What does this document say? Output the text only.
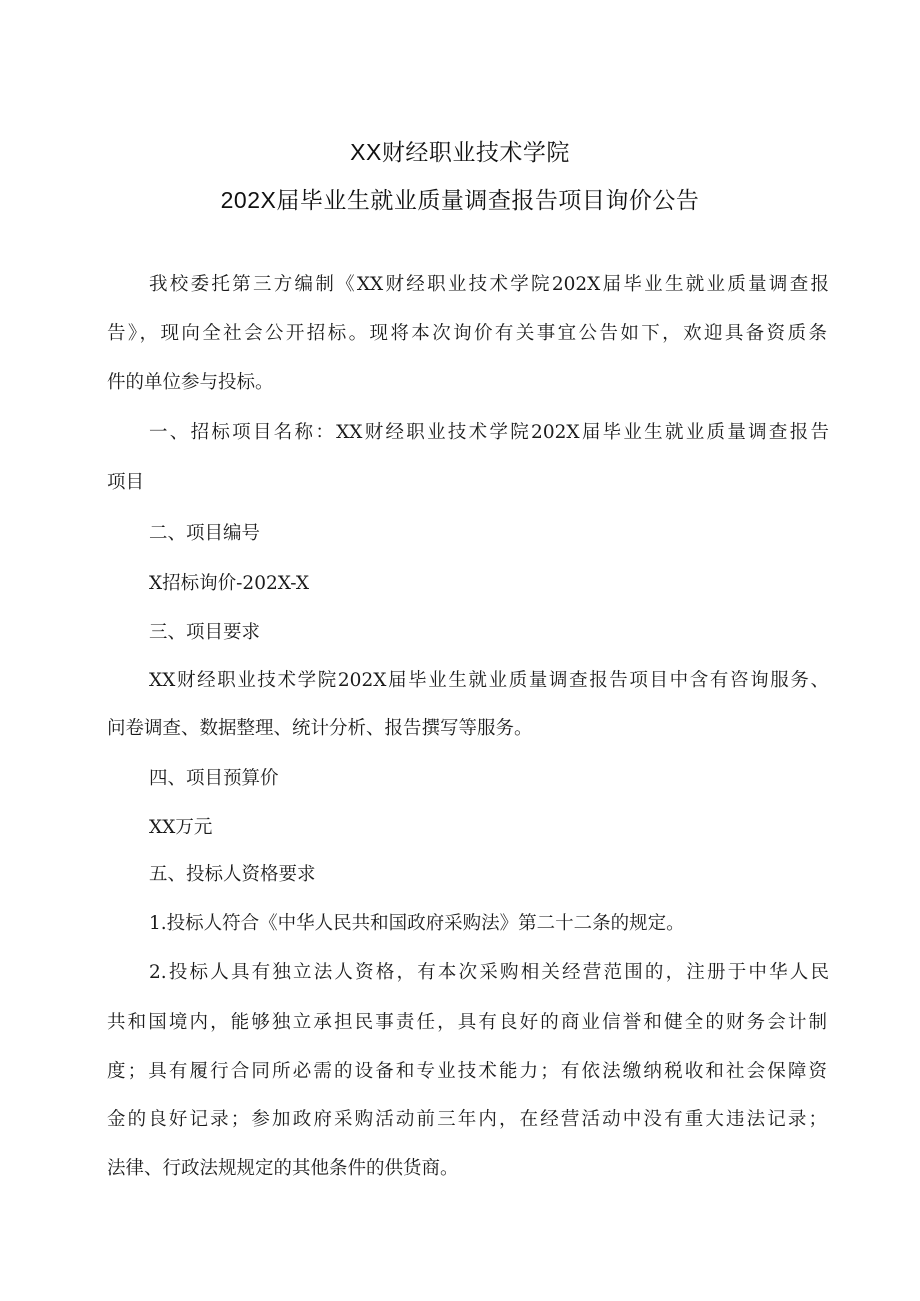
XX财经职业技术学院
202X届毕业生就业质量调查报告项目询价公告
我校委托第三方编制《XX财经职业技术学院202X届毕业生就业质量调查报
告》，现向全社会公开招标。现将本次询价有关事宜公告如下，欢迎具备资质条
件的单位参与投标。
一、招标项目名称：XX财经职业技术学院202X届毕业生就业质量调查报告
项目
二、项目编号
X招标询价-202X-X
三、项目要求
XX财经职业技术学院202X届毕业生就业质量调查报告项目中含有咨询服务、
问卷调查、数据整理、统计分析、报告撰写等服务。
四、项目预算价
XX万元
五、投标人资格要求
1.投标人符合《中华人民共和国政府采购法》第二十二条的规定。
2.投标人具有独立法人资格，有本次采购相关经营范围的，注册于中华人民
共和国境内，能够独立承担民事责任，具有良好的商业信誉和健全的财务会计制
度；具有履行合同所必需的设备和专业技术能力；有依法缴纳税收和社会保障资
金的良好记录；参加政府采购活动前三年内，在经营活动中没有重大违法记录；
法律、行政法规规定的其他条件的供货商。
